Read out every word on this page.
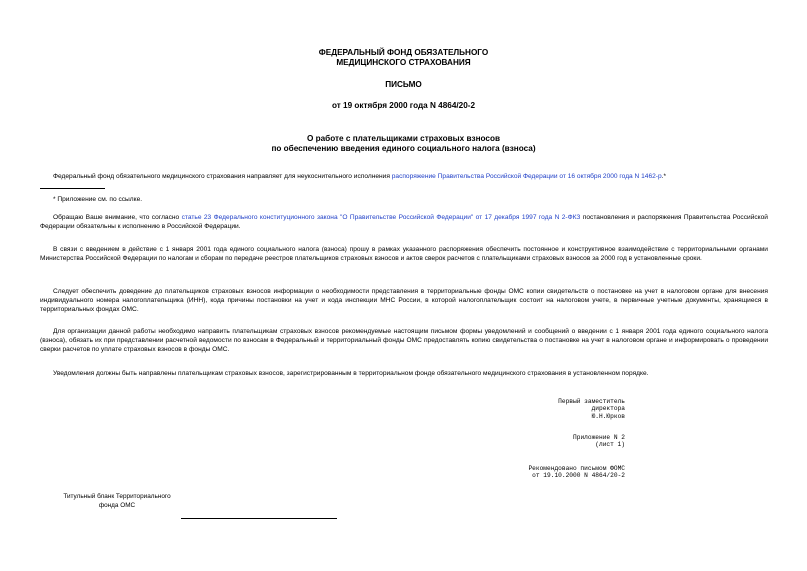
ФЕДЕРАЛЬНЫЙ ФОНД ОБЯЗАТЕЛЬНОГО
МЕДИЦИНСКОГО СТРАХОВАНИЯ
ПИСЬМО
от 19 октября 2000 года N 4864/20-2
О работе с плательщиками страховых взносов
по обеспечению введения единого социального налога (взноса)
Федеральный фонд обязательного медицинского страхования направляет для неукоснительного исполнения распоряжение Правительства Российской Федерации от 16 октября 2000 года N 1462-р.*
* Приложение см. по ссылке.
Обращаю Ваше внимание, что согласно статье 23 Федерального конституционного закона "О Правительстве Российской Федерации" от 17 декабря 1997 года N 2-ФКЗ постановления и распоряжения Правительства Российской Федерации обязательны к исполнению в Российской Федерации.
В связи с введением в действие с 1 января 2001 года единого социального налога (взноса) прошу в рамках указанного распоряжения обеспечить постоянное и конструктивное взаимодействие с территориальными органами Министерства Российской Федерации по налогам и сборам по передаче реестров плательщиков страховых взносов и актов сверок расчетов с плательщиками страховых взносов за 2000 год в установленные сроки.
Следует обеспечить доведение до плательщиков страховых взносов информации о необходимости представления в территориальные фонды ОМС копии свидетельств о постановке на учет в налоговом органе для внесения индивидуального номера налогоплательщика (ИНН), кода причины постановки на учет и кода инспекции МНС России, в которой налогоплательщик состоит на налоговом учете, в первичные учетные документы, хранящиеся в территориальных фондах ОМС.
Для организации данной работы необходимо направить плательщикам страховых взносов рекомендуемые настоящим письмом формы уведомлений и сообщений о введении с 1 января 2001 года единого социального налога (взноса), обязать их при представлении расчетной ведомости по взносам в Федеральный и территориальный фонды ОМС предоставлять копию свидетельства о постановке на учет в налоговом органе и информировать о проведении сверки расчетов по уплате страховых взносов в фонды ОМС.
Уведомления должны быть направлены плательщикам страховых взносов, зарегистрированным в территориальном фонде обязательного медицинского страхования в установленном порядке.
Первый заместитель
директора
Ю.Н.Юрков
Приложение N 2
(лист 1)
Рекомендовано письмом ФОМС
от 19.10.2000 N 4864/20-2
Титульный бланк Территориального
фонда ОМС
